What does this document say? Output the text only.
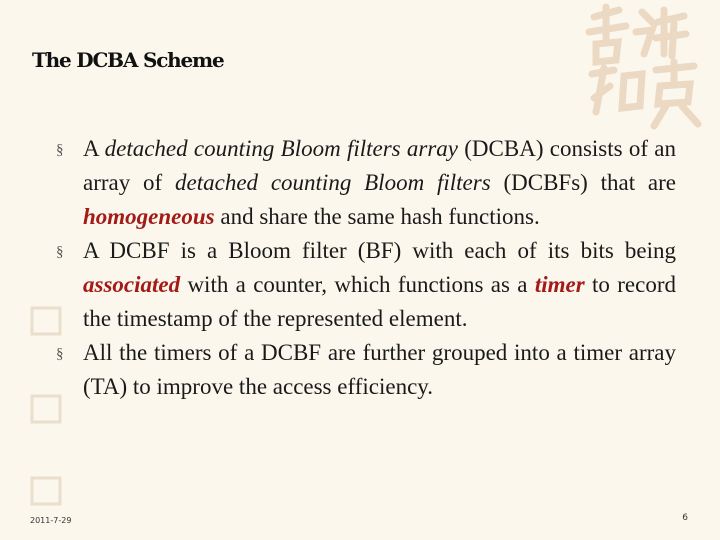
The DCBA Scheme
§ A detached counting Bloom filters array (DCBA) consists of an array of detached counting Bloom filters (DCBFs) that are homogeneous and share the same hash functions.
§ A DCBF is a Bloom filter (BF) with each of its bits being associated with a counter, which functions as a timer to record the timestamp of the represented element.
§ All the timers of a DCBF are further grouped into a timer array (TA) to improve the access efficiency.
2011-7-29	6
